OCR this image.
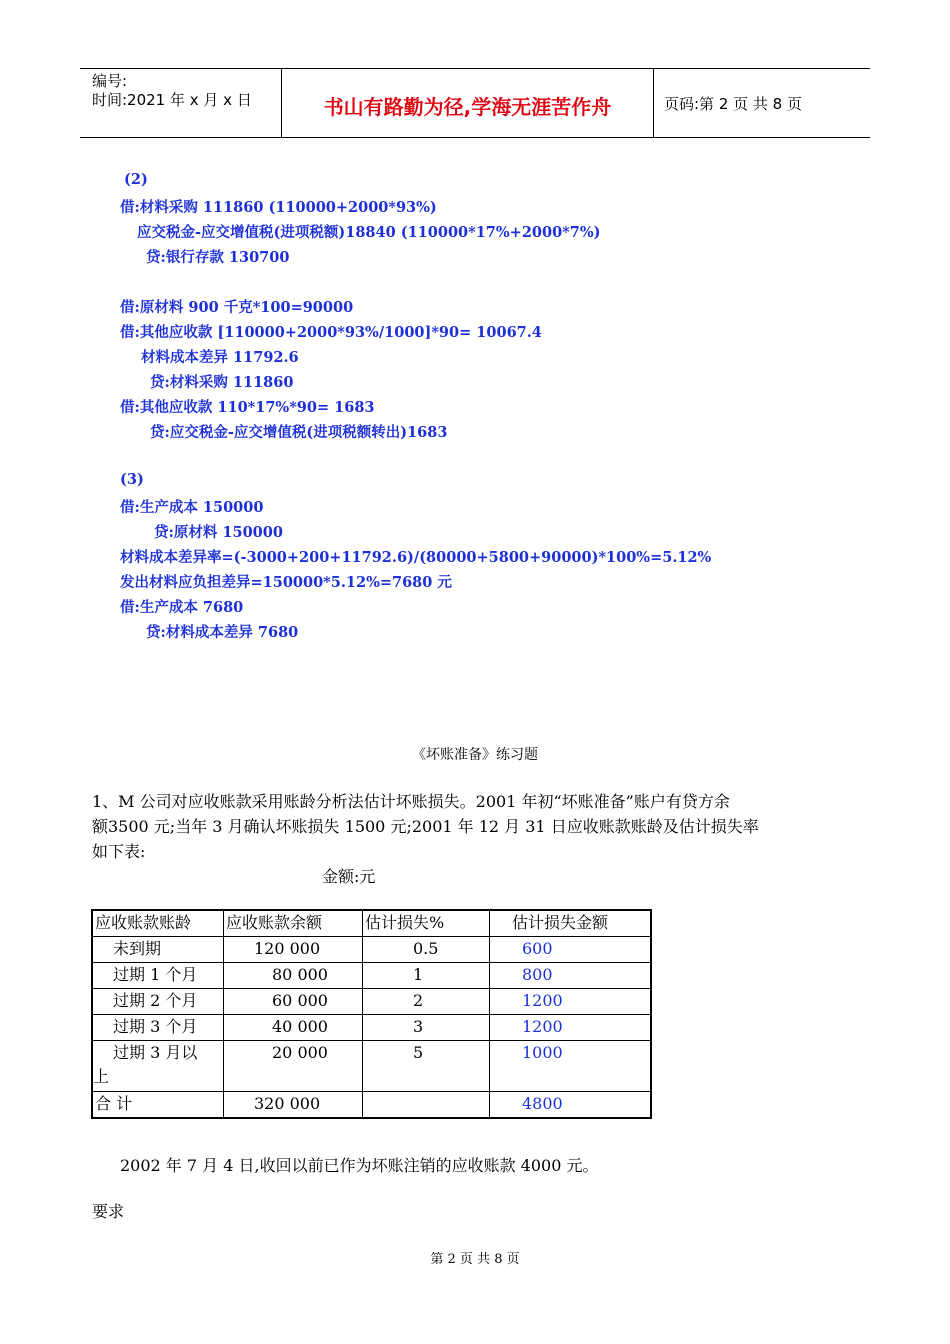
编号:
时间:2021 年 x 月 x 日	书山有路勤为径,学海无涯苦作舟	页码:第 2 页 共 8 页
(2)
借:材料采购 111860 (110000+2000*93%)
应交税金-应交增值税(进项税额)18840 (110000*17%+2000*7%)
贷:银行存款 130700
借:原材料 900 千克*100=90000
借:其他应收款 [110000+2000*93%/1000]*90= 10067.4
材料成本差异 11792.6
贷:材料采购 111860
借:其他应收款 110*17%*90= 1683
贷:应交税金-应交增值税(进项税额转出)1683
(3)
借:生产成本 150000
贷:原材料 150000
材料成本差异率=(-3000+200+11792.6)/(80000+5800+90000)*100%=5.12%
发出材料应负担差异=150000*5.12%=7680 元
借:生产成本 7680
贷:材料成本差异 7680
《坏账准备》练习题
1、M 公司对应收账款采用账龄分析法估计坏账损失。2001 年初“坏账准备”账户有贷方余
额3500 元;当年 3 月确认坏账损失 1500 元;2001 年 12 月 31 日应收账款账龄及估计损失率
如下表:
金额:元
应收账款账龄	应收账款余额	估计损失%	估计损失金额
未到期	120 000	0.5	600
过期 1 个月	80 000	1	800
过期 2 个月	60 000	2	1200
过期 3 个月	40 000	3	1200

过期 3 月以
上	20 000	5	1000
合 计	320 000		4800
2002 年 7 月 4 日,收回以前已作为坏账注销的应收账款 4000 元。
要求
第 2 页 共 8 页
